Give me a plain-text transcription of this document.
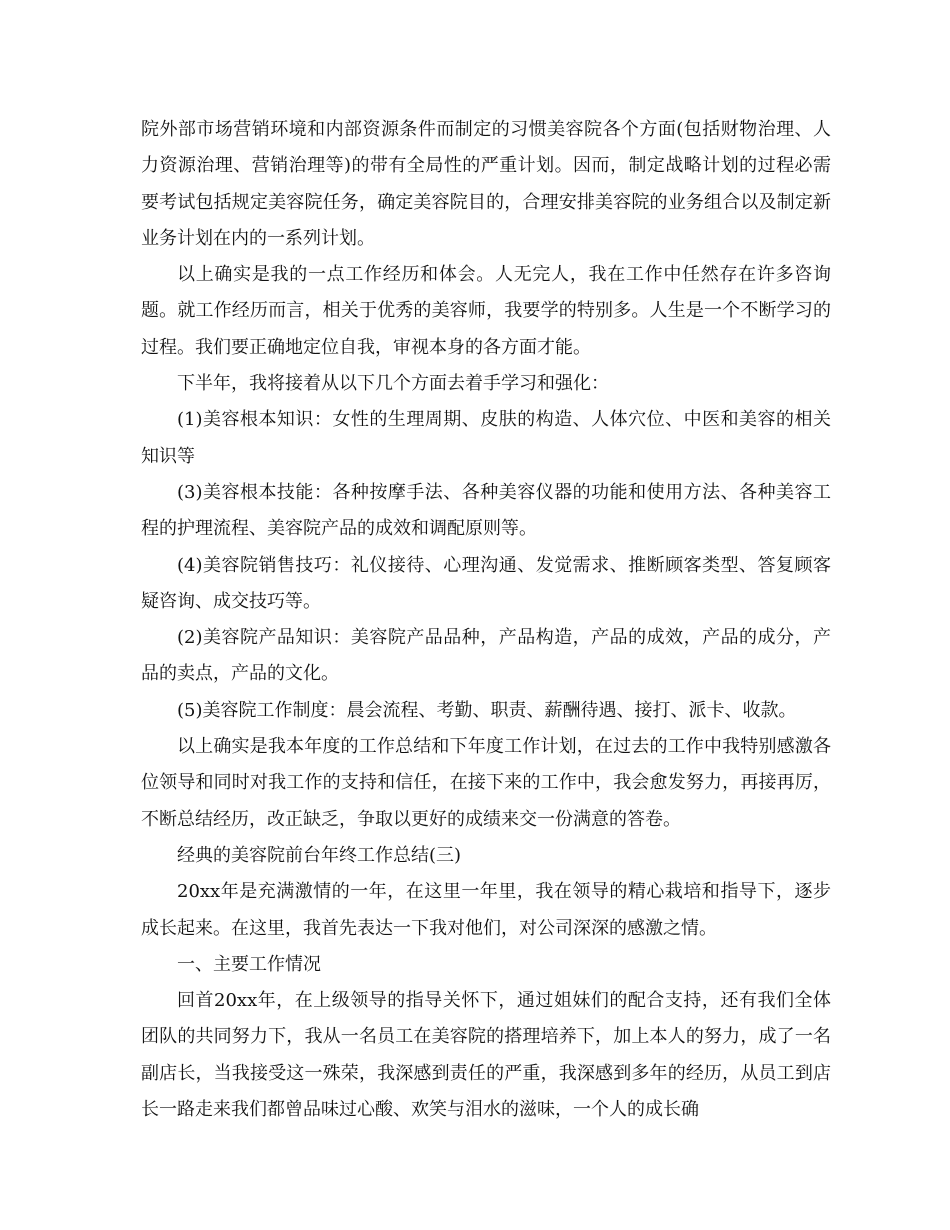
院外部市场营销环境和内部资源条件而制定的习惯美容院各个方面(包括财物治理、人力资源治理、营销治理等)的带有全局性的严重计划。因而，制定战略计划的过程必需要考试包括规定美容院任务，确定美容院目的，合理安排美容院的业务组合以及制定新业务计划在内的一系列计划。

以上确实是我的一点工作经历和体会。人无完人，我在工作中任然存在许多咨询题。就工作经历而言，相关于优秀的美容师，我要学的特别多。人生是一个不断学习的过程。我们要正确地定位自我，审视本身的各方面才能。

下半年，我将接着从以下几个方面去着手学习和强化：

(1)美容根本知识：女性的生理周期、皮肤的构造、人体穴位、中医和美容的相关知识等

(3)美容根本技能：各种按摩手法、各种美容仪器的功能和使用方法、各种美容工程的护理流程、美容院产品的成效和调配原则等。

(4)美容院销售技巧：礼仪接待、心理沟通、发觉需求、推断顾客类型、答复顾客疑咨询、成交技巧等。

(2)美容院产品知识：美容院产品品种，产品构造，产品的成效，产品的成分，产品的卖点，产品的文化。

(5)美容院工作制度：晨会流程、考勤、职责、薪酬待遇、接打、派卡、收款。

以上确实是我本年度的工作总结和下年度工作计划，在过去的工作中我特别感激各位领导和同时对我工作的支持和信任，在接下来的工作中，我会愈发努力，再接再厉，不断总结经历，改正缺乏，争取以更好的成绩来交一份满意的答卷。

经典的美容院前台年终工作总结(三)

20xx年是充满激情的一年，在这里一年里，我在领导的精心栽培和指导下，逐步成长起来。在这里，我首先表达一下我对他们，对公司深深的感激之情。

一、主要工作情况

回首20xx年，在上级领导的指导关怀下，通过姐妹们的配合支持，还有我们全体团队的共同努力下，我从一名员工在美容院的搭理培养下，加上本人的努力，成了一名副店长，当我接受这一殊荣，我深感到责任的严重，我深感到多年的经历，从员工到店长一路走来我们都曾品味过心酸、欢笑与泪水的滋味，一个人的成长确
